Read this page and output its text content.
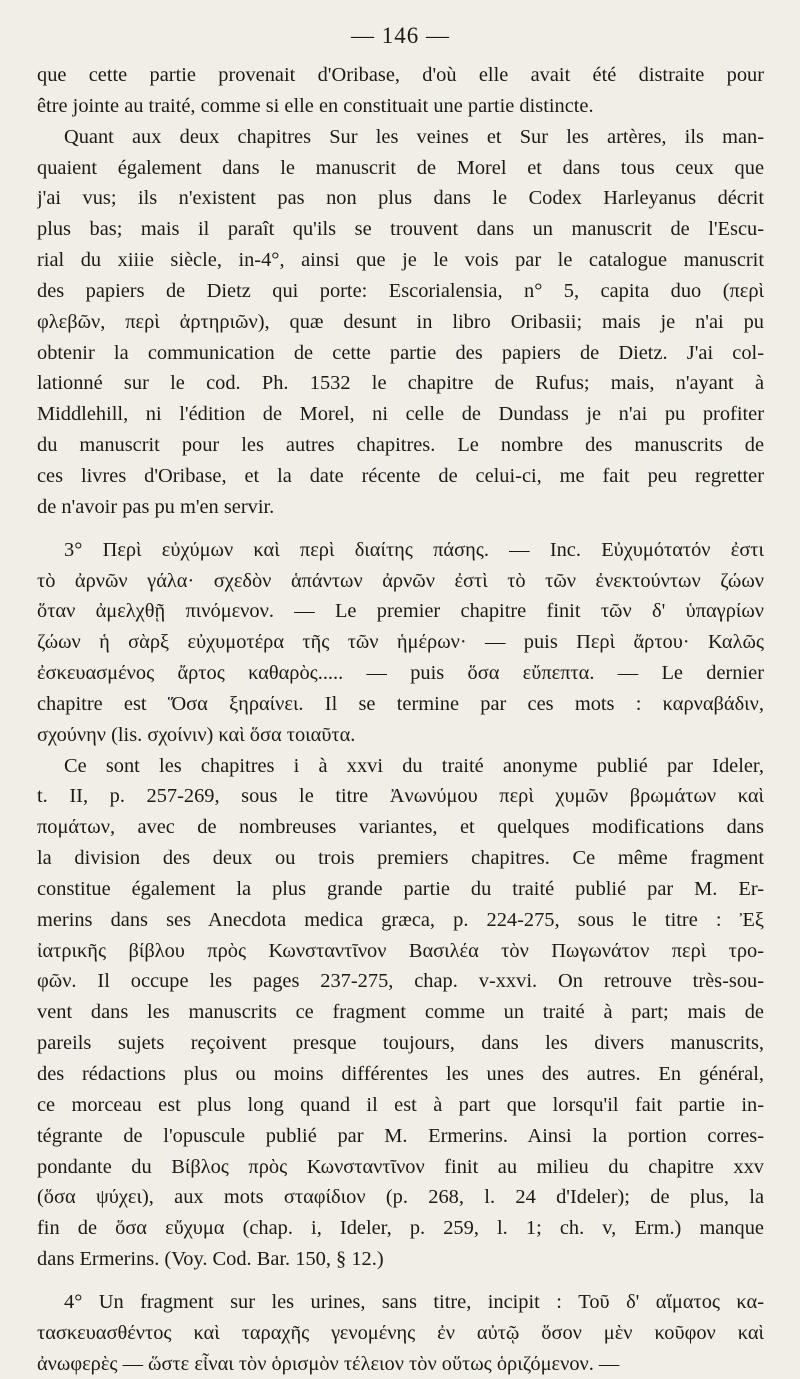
— 146 —
que cette partie provenait d'Oribase, d'où elle avait été distraite pour
être jointe au traité, comme si elle en constituait une partie distincte.
Quant aux deux chapitres Sur les veines et Sur les artères, ils man-
quaient également dans le manuscrit de Morel et dans tous ceux que
j'ai vus; ils n'existent pas non plus dans le Codex Harleyanus décrit
plus bas; mais il paraît qu'ils se trouvent dans un manuscrit de l'Escu-
rial du xiiie siècle, in-4°, ainsi que je le vois par le catalogue manuscrit
des papiers de Dietz qui porte: Escorialensia, n° 5, capita duo (περὶ
φλεβῶν, περὶ ἀρτηριῶν), quæ desunt in libro Oribasii; mais je n'ai pu
obtenir la communication de cette partie des papiers de Dietz. J'ai col-
lationné sur le cod. Ph. 1532 le chapitre de Rufus; mais, n'ayant à
Middlehill, ni l'édition de Morel, ni celle de Dundass je n'ai pu profiter
du manuscrit pour les autres chapitres. Le nombre des manuscrits de
ces livres d'Oribase, et la date récente de celui-ci, me fait peu regretter
de n'avoir pas pu m'en servir.
3° Περὶ εὐχύμων καὶ περὶ διαίτης πάσης. — Inc. Εὐχυμότατόν ἐστι
τὸ ἀρνῶν γάλα· σχεδὸν ἁπάντων ἀρνῶν ἐστὶ τὸ τῶν ἐνεκτούντων ζώων
ὅταν ἀμελχθῇ πινόμενον. — Le premier chapitre finit τῶν δ' ὑπαγρίων
ζώων ἡ σὰρξ εὐχυμοτέρα τῆς τῶν ἡμέρων· — puis Περὶ ἄρτου· Καλῶς
ἐσκευασμένος ἄρτος καθαρὸς..... — puis ὅσα εὔπεπτα. — Le dernier
chapitre est Ὅσα ξηραίνει. Il se termine par ces mots : καρναβάδιν,
σχούνην (lis. σχοίνιν) καὶ ὅσα τοιαῦτα.
Ce sont les chapitres i à xxvi du traité anonyme publié par Ideler,
t. II, p. 257-269, sous le titre Ἀνωνύμου περὶ χυμῶν βρωμάτων καὶ
πομάτων, avec de nombreuses variantes, et quelques modifications dans
la division des deux ou trois premiers chapitres. Ce même fragment
constitue également la plus grande partie du traité publié par M. Er-
merins dans ses Anecdota medica græca, p. 224-275, sous le titre : Ἐξ
ἰατρικῆς βίβλου πρὸς Κωνσταντῖνον Βασιλέα τὸν Πωγωνάτον περὶ τρο-
φῶν. Il occupe les pages 237-275, chap. v-xxvi. On retrouve très-sou-
vent dans les manuscrits ce fragment comme un traité à part; mais de
pareils sujets reçoivent presque toujours, dans les divers manuscrits,
des rédactions plus ou moins différentes les unes des autres. En général,
ce morceau est plus long quand il est à part que lorsqu'il fait partie in-
tégrante de l'opuscule publié par M. Ermerins. Ainsi la portion corres-
pondante du Βίβλος πρὸς Κωνσταντῖνον finit au milieu du chapitre xxv
(ὅσα ψύχει), aux mots σταφίδιον (p. 268, l. 24 d'Ideler); de plus, la
fin de ὅσα εὔχυμα (chap. i, Ideler, p. 259, l. 1; ch. v, Erm.) manque
dans Ermerins. (Voy. Cod. Bar. 150, § 12.)
4° Un fragment sur les urines, sans titre, incipit : Τοῦ δ' αἵματος κα-
τασκευασθέντος καὶ ταραχῆς γενομένης ἐν αὐτῷ ὅσον μὲν κοῦφον καὶ
ἀνωφερὲς — ὥστε εἶναι τὸν ὁρισμὸν τέλειον τὸν οὕτως ὁριζόμενον. —
